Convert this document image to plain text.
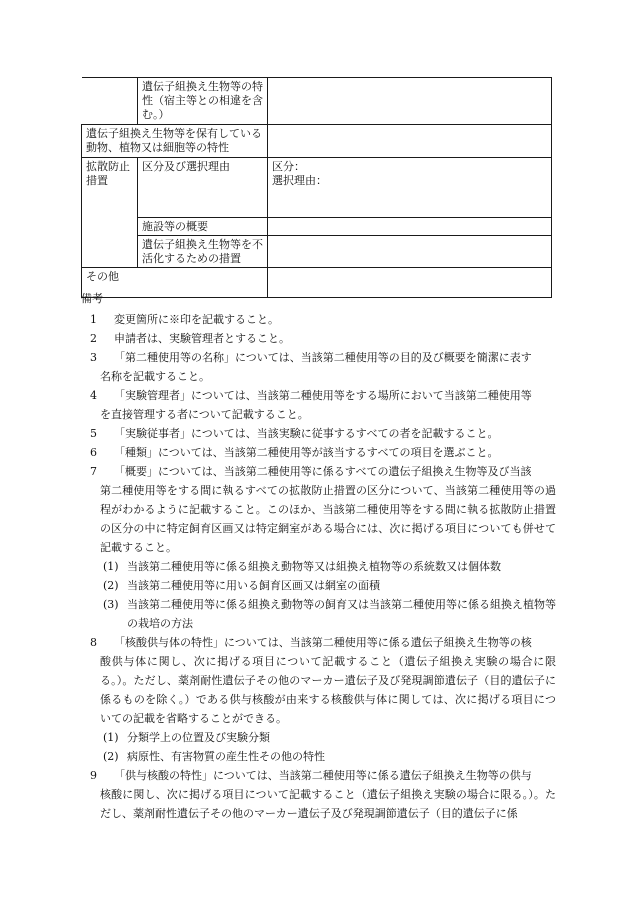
	遺伝子組換え生物等の特性（宿主等との相違を含む。）	
遺伝子組換え生物等を保有している動物、植物又は細胞等の特性		
拡散防止措置	区分及び選択理由	区分：
選択理由：

	施設等の概要	
	遺伝子組換え生物等を不活化するための措置	
その他		
備考
1	変更箇所に※印を記載すること。
2	申請者は、実験管理者とすること。
3	「第二種使用等の名称」については、当該第二種使用等の目的及び概要を簡潔に表す
名称を記載すること。
4	「実験管理者」については、当該第二種使用等をする場所において当該第二種使用等
を直接管理する者について記載すること。
5	「実験従事者」については、当該実験に従事するすべての者を記載すること。
6	「種類」については、当該第二種使用等が該当するすべての項目を選ぶこと。
7	「概要」については、当該第二種使用等に係るすべての遺伝子組換え生物等及び当該
第二種使用等をする間に執るすべての拡散防止措置の区分について、当該第二種使用等の過程がわかるように記載すること。このほか、当該第二種使用等をする間に執る拡散防止措置の区分の中に特定飼育区画又は特定網室がある場合には、次に掲げる項目についても併せて記載すること。
(1) 当該第二種使用等に係る組換え動物等又は組換え植物等の系統数又は個体数
(2) 当該第二種使用等に用いる飼育区画又は網室の面積
(3) 当該第二種使用等に係る組換え動物等の飼育又は当該第二種使用等に係る組換え植物等の栽培の方法
8	「核酸供与体の特性」については、当該第二種使用等に係る遺伝子組換え生物等の核
酸供与体に関し、次に掲げる項目について記載すること（遺伝子組換え実験の場合に限る。）。ただし、薬剤耐性遺伝子その他のマーカー遺伝子及び発現調節遺伝子（目的遺伝子に係るものを除く。）である供与核酸が由来する核酸供与体に関しては、次に掲げる項目についての記載を省略することができる。
(1) 分類学上の位置及び実験分類
(2) 病原性、有害物質の産生性その他の特性
9	「供与核酸の特性」については、当該第二種使用等に係る遺伝子組換え生物等の供与
核酸に関し、次に掲げる項目について記載すること（遺伝子組換え実験の場合に限る。）。ただし、薬剤耐性遺伝子その他のマーカー遺伝子及び発現調節遺伝子（目的遺伝子に係
